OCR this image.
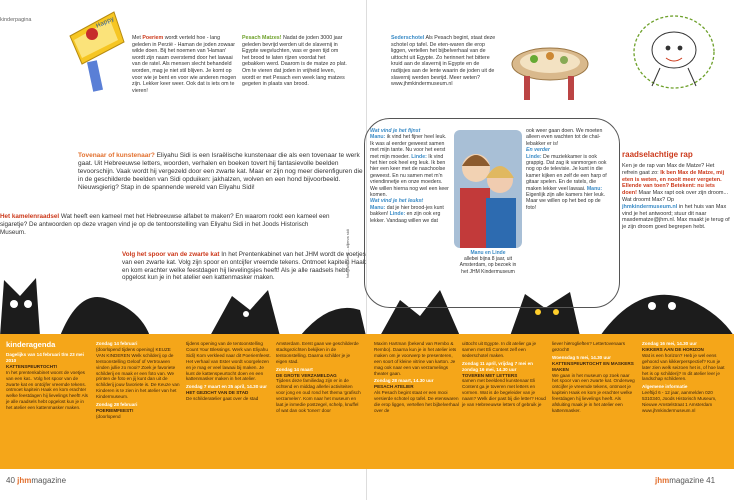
kinderpagina	Happy
Met Poeriem wordt verteld hoe - lang geleden in Perzië - Haman de joden zowaar wilde doen. Bij het noemen van 'Haman' wordt zijn naam overstemd door het lawaai van de ratel. Als mensen slecht behandeld worden, mag je niet stil blijven. Je komt op voor wie je bent en voor wie anderen mogen zijn. Lekker keer weer. Ook dat is iets om te vieren!
Pesach Matzes! Nadat de joden 3000 jaar geleden bevrijd werden uit de slavernij in Egypte wegvluchten, was er geen tijd om het brood te laten rijzen voordat het gebakken werd. Daarom is de matze zo plat. Om te vieren dat joden in vrijheid leven, wordt er met Pesach een week lang matzes gegeten in plaats van brood.
Sederschotel Als Pesach begint, staat deze schotel op tafel. De eten-waren die erop liggen, vertellen het bijbelverhaal van de uittocht uit Egypte. Zo herinnert het bittere kruid aan de slavernij in Egypte en de radijsjes aan de lente waarin de joden uit de slavernij werden bevrijd. Meer weten? www.jhmkindermuseum.nl
raadselachtige rap
Ken je de rap van Max de Matze? Het refrein gaat zo: Ik ben Max de Matze, mij eten is weten, en nooit meer vergeten. Ellende van toen? Betekent: nu iets doen! Maar Max rapt ook over zijn droom... Wat droomt Max? Op jhmkindermuseum.nl in het huis van Max vind je het antwoord; stuur dit naar maxdematze@jhm.nl. Max maakt je terug of je zijn droom goed begrepen hebt.
Tovenaar of kunstenaar? Eliyahu Sidi is een Israëlische kunstenaar die als een tovenaar te werk gaat. Uit Hebreeuwse letters, woorden, verhalen en boeken tovert hij fantasievolle beelden tevoorschijn. Vaak wordt hij vergezeld door een zwarte kat. Maar er zijn nog meer dierenfiguren die in de geschilderde beelden van Sidi opduiken: jakhalzen, wolven en een hond bijvoorbeeld. Nieuwsgierig? Stap in de spannende wereld van Eliyahu Sidi!
Het kamelenraadsel Wat heeft een kameel met het Hebreeuwse alfabet te maken? En waarom rookt een kameel een sigaretje? De antwoorden op deze vragen vind je op de tentoonstelling van Eliyahu Sidi in het Joods Historisch Museum.
Volg het spoor van de zwarte kat In het Prentenkabinet van het JHM wordt de voetjes van een zwarte kat. Volg zijn spoor en ontcijfer vreemde tekens. Ontmoet kapitein Haak en kom erachter welke feestdagen hij lievelingsjes heeft! Als je alle raadsels hebt opgelost kun je in het atelier een kattenmasker maken.	fotografie Eefje... alljerva sidi
Wat vind je het fijnst
Manu: ik vind het fijner heel leuk. Ik was al eerder geweest samen met mijn tante. Nu voor het eerst met mijn moeder. Linde: Ik vind het hier ook heel erg leuk. Ik ben hier een keer met de naschoolse geweest. En nu samen met m'n vriendinnetje en onze moeders. We willen hierna nog wel een keer komen.
Wat vind je het leukst
Manu: dat je hier brood-jes kunt bakken! Linde: en zijn ook erg lekker. Vandaag willen we dat
Manu en Linde
allebei bijna 8 jaar, uit Amsterdam, op bezoek in het JHM Kindermuseum
ook weer gaan doen. We moeten alleen even wachten tot de chal-lebakker er is!
En verder
Linde: De muziekkamer is ook grappig. Dat zag ik vanmorgen ook nog op de televisie. Je kunt in die kamer kijken en zelf de een harp of gitaar spelen. En de ratels, die maken lekker veel lawaai. Manu: Eigenlijk zijn alle kamers hier leuk. Maar we willen op het bed op de foto!
kinderagenda
Dagelijks van 14 februari t/m 23 mei 2010
KATTENSPEURTOCHT!
In het prentenkabinet woont de voetjes van een kat.. Volg het spoor van de zwarte kat en ontcijfer vreemde tekens. ontmoet kapitein Haak en kom erachter welke feestdagen hij lievelings heeft! Als je alle raadsels hebt opgelost kun je in het atelier een kattenmasker maken.
Zondag 14 februari
(doorlopend tijdens opening) KEUZE VAN KINDEREN Welk schilderij op de tentoonstelling Geloof of Vertrouwen vinden jullie zo mooi? Zoek je favoriete schilderij en maak er een foto van. We printen de foto en jij kunt dan uit de schilderij jouw favoriete is. De Keuze van Kinderen is te zien in het atelier van het Kindermuseum.
Zondag 28 februari
POERIEMFEEST!
(doorlopend
tijdens opening van de tentoonstelling Count Your Blessings. Werk van Eliyahu Sidi) Kom verkleed naar dit Poeriemfeest. Het verhaal van Ester wordt voorgelezen en je mag er veel lawaai bij maken. Je kunt de kattenspeurtocht doen en een kattenmasker maken in het atelier.
Zondag 7 maart en 25 april, 14.30 uur
HET GEZICHT VAN DE STAD
De schilderatelier gaat over de stad
Amsterdam. Eerst gaan we geschilderde stadsgezichten bekijken in de tentoonstelling. Daarna schilder je je eigen stad.
Zondag 14 maart
DE GROTE VERZAMELDAG
Tijdens deze familiedag zijn er in de ochtend en middag allerlei activiteiten voor jong en oud rond het thema 'grafisch verzamelen'. Kom naar het museum en laat je inmedie postzegel, schelp, knuffel of wat dan ook 'tonen' door
Maxim Hartman (bekend van Rembo & Rembo). Daarna kun je in het atelier iets maken om je voorwerp te presenteren, een soort of kleine vitrine van karton. Je mag ook naar een van verzamelings theater gaan.
Zondag 28 maart, 14.30 uur
PESACH ATELIER
Als Pesach begint staat er een mooi versierde schotel op tafel. De etenswaren die erop liggen, vertellen het bijbelverhaal over de
uittocht uit Egypte. In dit atelier ga je samen met Eli Content zelf een sederschotel maken.
Zondag 11 april, vrijdag 7 mei en zondag 16 mei, 14.30 uur
TOVEREN MET LETTERS
samen met beeldend kunstenaar Eli Content ga je toveren met letters en vormen. Wat is de begeleider van je naam? Welk dier past bij die letter? Houd je van Hebreeuwse letters of gebruik je
liever hiëroglieften? Lettertovenaars gezocht!
Woensdag 5 mei, 14.30 uur
KATTENSPEURTOCHT EN MASKERS MAKEN
We gaan in het museum op zoek naar het spoor van een zwarte kat. Onderweg ontcijfer je vreemde tekens, ontmoet je kapitein Haak en kom je erachter welke feestdagen hij lievelings heeft. Als afsluiting maak je in het atelier een kattenmasker.
Zondag 16 mei, 14.30 uur
KIKKERS AAN DE HORIZON
Wat is een horizon? Heb je wel eens gehoord van kikkerperspectief? Kun je later zien welk seizoen het is, of hoe laat het is op schilderij? In dit atelier leer je landschap schilderen.
Algemene informatie
Leeftijd 6 - 12 jaar, aanmelden 020 5310340, Joods Historisch Museum, Nieuwe Amstelstraat 1 Amsterdam www.jhmkindermuseum.nl
40 jhmmagazine	jhmmagazine 41
